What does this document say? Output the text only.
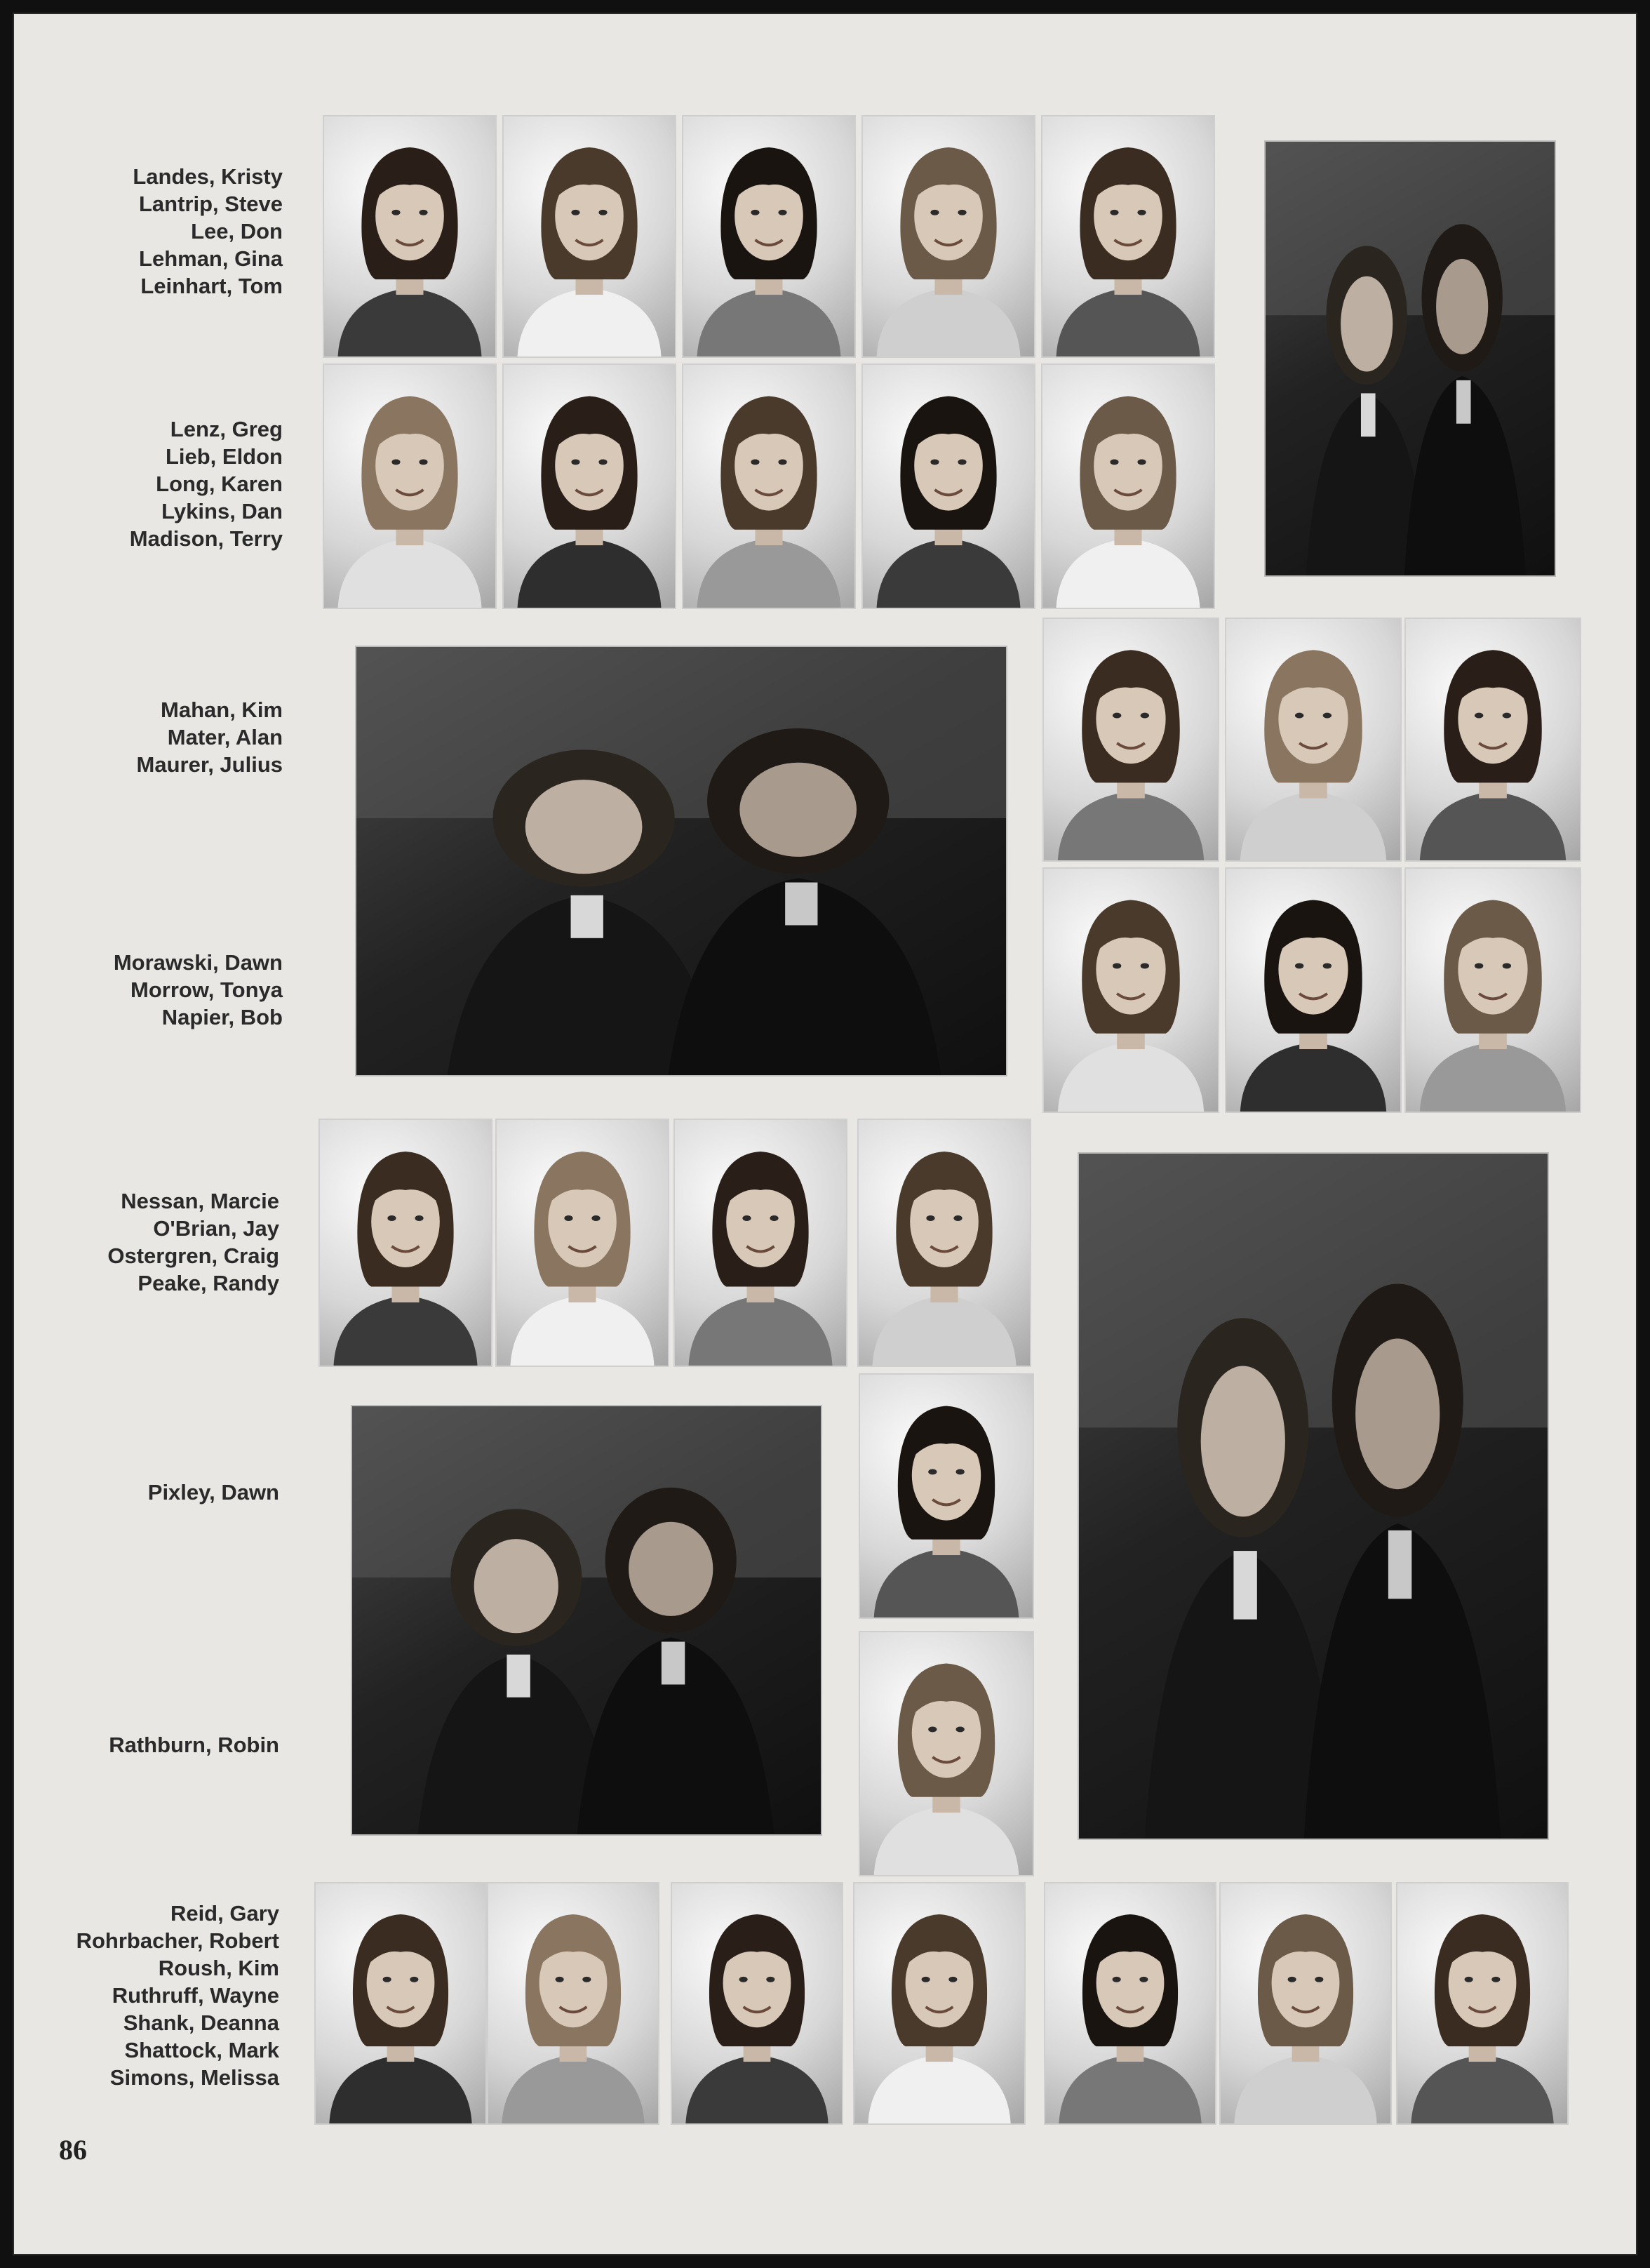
Landes, Kristy
Lantrip, Steve
Lee, Don
Lehman, Gina
Leinhart, Tom
Lenz, Greg
Lieb, Eldon
Long, Karen
Lykins, Dan
Madison, Terry
Mahan, Kim
Mater, Alan
Maurer, Julius
Morawski, Dawn
Morrow, Tonya
Napier, Bob
Nessan, Marcie
O'Brian, Jay
Ostergren, Craig
Peake, Randy
Pixley, Dawn
Rathburn, Robin
Reid, Gary
Rohrbacher, Robert
Roush, Kim
Ruthruff, Wayne
Shank, Deanna
Shattock, Mark
Simons, Melissa
86
